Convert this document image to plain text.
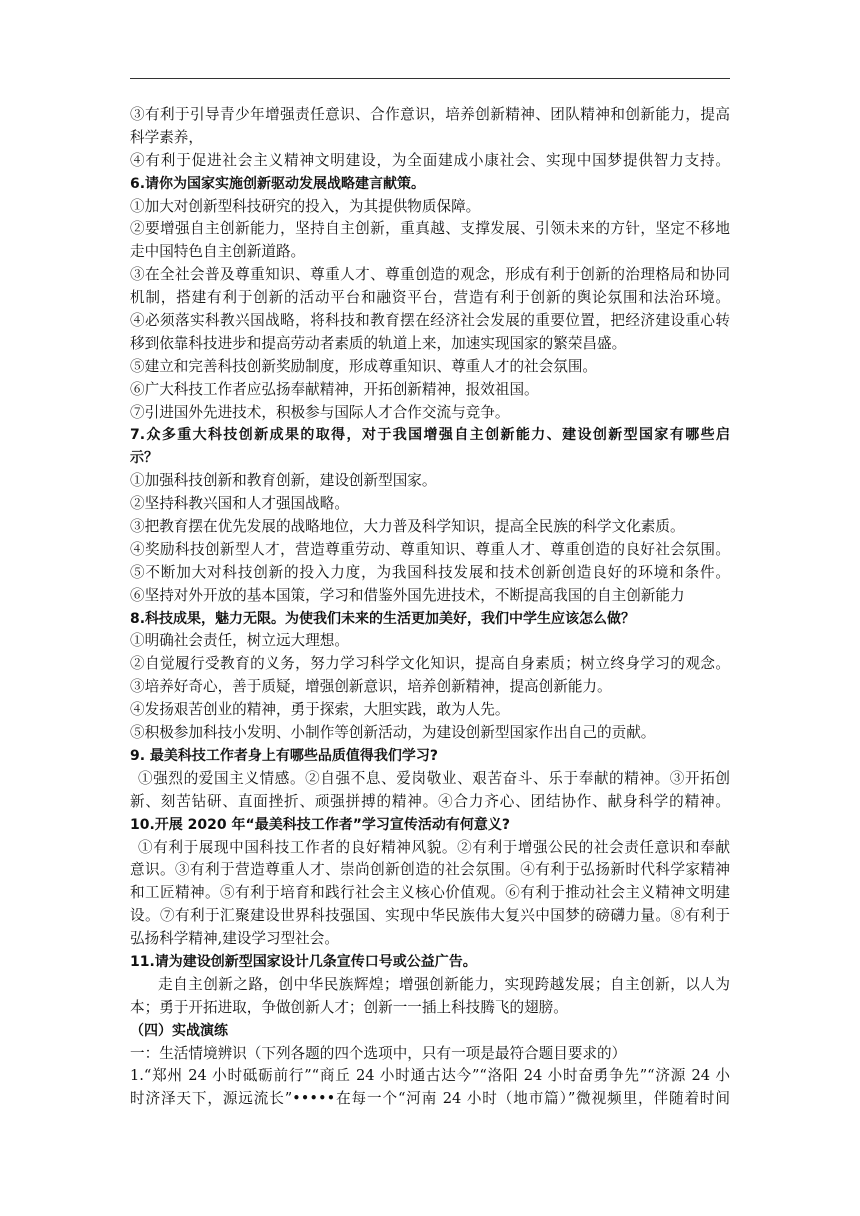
③有利于引导青少年增强责任意识、合作意识，培养创新精神、团队精神和创新能力，提高
科学素养，
④有利于促进社会主义精神文明建设，为全面建成小康社会、实现中国梦提供智力支持。
6.请你为国家实施创新驱动发展战略建言献策。
①加大对创新型科技研究的投入，为其提供物质保障。
②要增强自主创新能力，坚持自主创新，重真越、支撑发展、引领未来的方针，坚定不移地
走中国特色自主创新道路。
③在全社会普及尊重知识、尊重人才、尊重创造的观念，形成有利于创新的治理格局和协同
机制，搭建有利于创新的活动平台和融资平台，营造有利于创新的舆论氛围和法治环境。
④必须落实科教兴国战略，将科技和教育摆在经济社会发展的重要位置，把经济建设重心转
移到依靠科技进步和提高劳动者素质的轨道上来，加速实现国家的繁荣昌盛。
⑤建立和完善科技创新奖励制度，形成尊重知识、尊重人才的社会氛围。
⑥广大科技工作者应弘扬奉献精神，开拓创新精神，报效祖国。
⑦引进国外先进技术，积极参与国际人才合作交流与竞争。
7.众多重大科技创新成果的取得，对于我国增强自主创新能力、建设创新型国家有哪些启
示？
①加强科技创新和教育创新，建设创新型国家。
②坚持科教兴国和人才强国战略。
③把教育摆在优先发展的战略地位，大力普及科学知识，提高全民族的科学文化素质。
④奖励科技创新型人才，营造尊重劳动、尊重知识、尊重人才、尊重创造的良好社会氛围。
⑤不断加大对科技创新的投入力度，为我国科技发展和技术创新创造良好的环境和条件。
⑥坚持对外开放的基本国策，学习和借鉴外国先进技术，不断提高我国的自主创新能力
8.科技成果，魅力无限。为使我们未来的生活更加美好，我们中学生应该怎么做？
①明确社会责任，树立远大理想。
②自觉履行受教育的义务，努力学习科学文化知识，提高自身素质；树立终身学习的观念。
③培养好奇心，善于质疑，增强创新意识，培养创新精神，提高创新能力。
④发扬艰苦创业的精神，勇于探索，大胆实践，敢为人先。
⑤积极参加科技小发明、小制作等创新活动，为建设创新型国家作出自己的贡献。
9. 最美科技工作者身上有哪些品质值得我们学习?
①强烈的爱国主义情感。②自强不息、爱岗敬业、艰苦奋斗、乐于奉献的精神。③开拓创
新、刻苦钻研、直面挫折、顽强拼搏的精神。④合力齐心、团结协作、献身科学的精神。
10.开展 2020 年“最美科技工作者”学习宣传活动有何意义?
①有利于展现中国科技工作者的良好精神风貌。②有利于增强公民的社会责任意识和奉献
意识。③有利于营造尊重人才、崇尚创新创造的社会氛围。④有利于弘扬新时代科学家精神
和工匠精神。⑤有利于培育和践行社会主义核心价值观。⑥有利于推动社会主义精神文明建
设。⑦有利于汇聚建设世界科技强国、实现中华民族伟大复兴中国梦的磅礴力量。⑧有利于
弘扬科学精神,建设学习型社会。
11.请为建设创新型国家设计几条宣传口号或公益广告。
走自主创新之路，创中华民族辉煌；增强创新能力，实现跨越发展；自主创新，以人为
本；勇于开拓进取，争做创新人才；创新一一插上科技腾飞的翅膀。
（四）实战演练
一：生活情境辨识（下列各题的四个选项中，只有一项是最符合题目要求的）
1.“郑州 24 小时砥砺前行”“商丘 24 小时通古达今”“洛阳 24 小时奋勇争先”“济源 24 小
时济泽天下，源远流长”•••••在每一个“河南 24 小时（地市篇）”微视频里，伴随着时间
